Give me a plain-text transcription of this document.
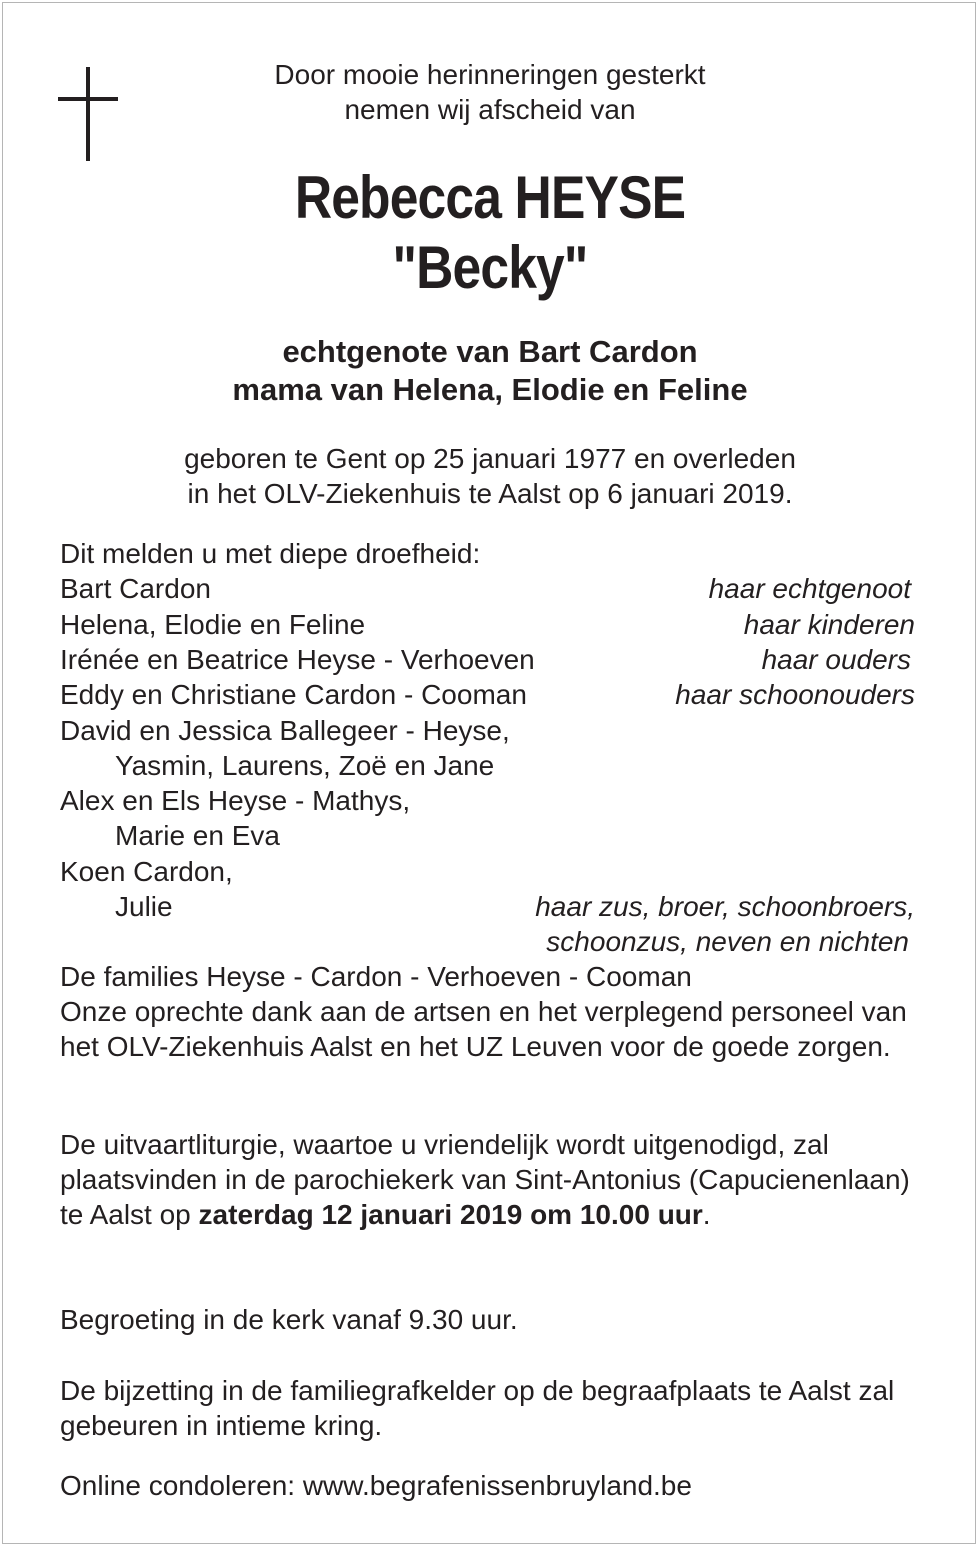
Door mooie herinneringen gesterkt
nemen wij afscheid van
Rebecca HEYSE
"Becky"
echtgenote van Bart Cardon
mama van Helena, Elodie en Feline
geboren te Gent op 25 januari 1977 en overleden
in het OLV-Ziekenhuis te Aalst op 6 januari 2019.
Dit melden u met diepe droefheid:
Bart Cardon	haar echtgenoot
Helena, Elodie en Feline	haar kinderen
Irénée en Beatrice Heyse - Verhoeven	haar ouders
Eddy en Christiane Cardon - Cooman	haar schoonouders
David en Jessica Ballegeer - Heyse,
Yasmin, Laurens, Zoë en Jane
Alex en Els Heyse - Mathys,
Marie en Eva
Koen Cardon,
Julie	haar zus, broer, schoonbroers,
schoonzus, neven en nichten
De families Heyse - Cardon - Verhoeven - Cooman
Onze oprechte dank aan de artsen en het verplegend personeel van het OLV-Ziekenhuis Aalst en het UZ Leuven voor de goede zorgen.
De uitvaartliturgie, waartoe u vriendelijk wordt uitgenodigd, zal plaatsvinden in de parochiekerk van Sint-Antonius (Capucienenlaan) te Aalst op zaterdag 12 januari 2019 om 10.00 uur.
Begroeting in de kerk vanaf 9.30 uur.
De bijzetting in de familiegrafkelder op de begraafplaats te Aalst zal gebeuren in intieme kring.
Online condoleren: www.begrafenissenbruyland.be
